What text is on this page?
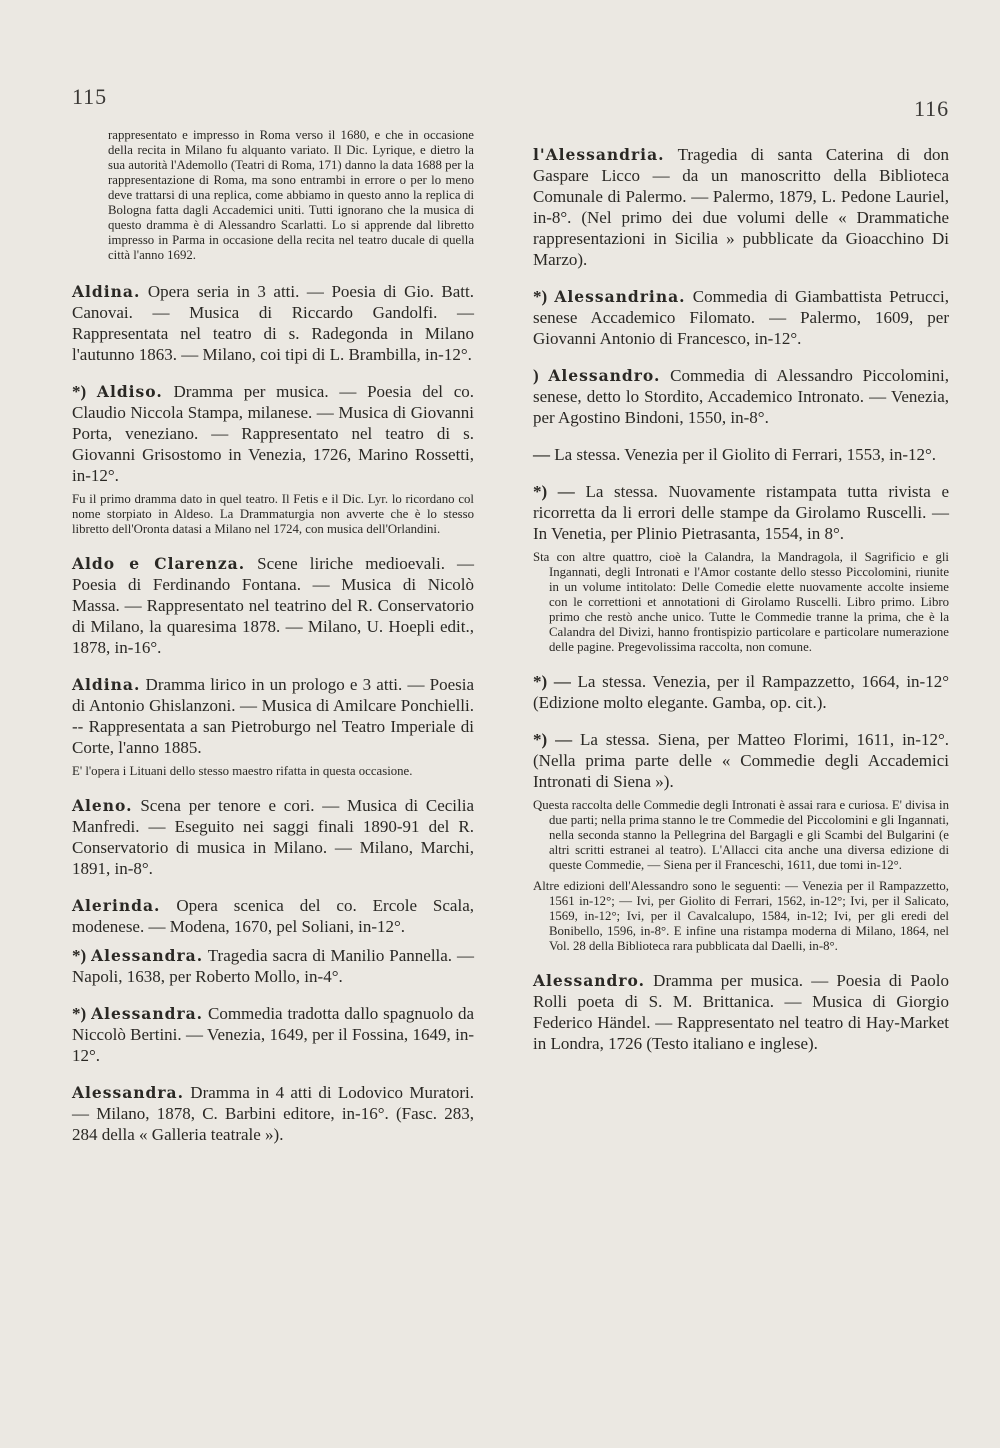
115	116
rappresentato e impresso in Roma verso il 1680, e che in occasione della recita in Milano fu alquanto variato. Il Dic. Lyrique, e dietro la sua autorità l'Ademollo (Teatri di Roma, 171) danno la data 1688 per la rappresentazione di Roma, ma sono entrambi in errore o per lo meno deve trattarsi di una replica, come abbiamo in questo anno la replica di Bologna fatta dagli Accademici uniti. Tutti ignorano che la musica di questo dramma è di Alessandro Scarlatti. Lo si apprende dal libretto impresso in Parma in occasione della recita nel teatro ducale di quella città l'anno 1692.
Aldina. Opera seria in 3 atti. — Poesia di Gio. Batt. Canovai. — Musica di Riccardo Gandolfi. — Rappresentata nel teatro di s. Radegonda in Milano l'autunno 1863. — Milano, coi tipi di L. Brambilla, in-12°.
*) Aldiso. Dramma per musica. — Poesia del co. Claudio Niccola Stampa, milanese. — Musica di Giovanni Porta, veneziano. — Rappresentato nel teatro di s. Giovanni Grisostomo in Venezia, 1726, Marino Rossetti, in-12°.
Fu il primo dramma dato in quel teatro. Il Fetis e il Dic. Lyr. lo ricordano col nome storpiato in Aldeso. La Drammaturgia non avverte che è lo stesso libretto dell'Oronta datasi a Milano nel 1724, con musica dell'Orlandini.
Aldo e Clarenza. Scene liriche medioevali. — Poesia di Ferdinando Fontana. — Musica di Nicolò Massa. — Rappresentato nel teatrino del R. Conservatorio di Milano, la quaresima 1878. — Milano, U. Hoepli edit., 1878, in-16°.
Aldina. Dramma lirico in un prologo e 3 atti. — Poesia di Antonio Ghislanzoni. — Musica di Amilcare Ponchielli. -- Rappresentata a san Pietroburgo nel Teatro Imperiale di Corte, l'anno 1885.
E' l'opera i Lituani dello stesso maestro rifatta in questa occasione.
Aleno. Scena per tenore e cori. — Musica di Cecilia Manfredi. — Eseguito nei saggi finali 1890-91 del R. Conservatorio di musica in Milano. — Milano, Marchi, 1891, in-8°.
Alerinda. Opera scenica del co. Ercole Scala, modenese. — Modena, 1670, pel Soliani, in-12°.
*) Alessandra. Tragedia sacra di Manilio Pannella. — Napoli, 1638, per Roberto Mollo, in-4°.
*) Alessandra. Commedia tradotta dallo spagnuolo da Niccolò Bertini. — Venezia, 1649, per il Fossina, 1649, in-12°.
Alessandra. Dramma in 4 atti di Lodovico Muratori. — Milano, 1878, C. Barbini editore, in-16°. (Fasc. 283, 284 della « Galleria teatrale »).
l'Alessandria. Tragedia di santa Caterina di don Gaspare Licco — da un manoscritto della Biblioteca Comunale di Palermo. — Palermo, 1879, L. Pedone Lauriel, in-8°. (Nel primo dei due volumi delle « Drammatiche rappresentazioni in Sicilia » pubblicate da Gioacchino Di Marzo).
*) Alessandrina. Commedia di Giambattista Petrucci, senese Accademico Filomato. — Palermo, 1609, per Giovanni Antonio di Francesco, in-12°.
) Alessandro. Commedia di Alessandro Piccolomini, senese, detto lo Stordito, Accademico Intronato. — Venezia, per Agostino Bindoni, 1550, in-8°.
— La stessa. Venezia per il Giolito di Ferrari, 1553, in-12°.
*) — La stessa. Nuovamente ristampata tutta rivista e ricorretta da li errori delle stampe da Girolamo Ruscelli. — In Venetia, per Plinio Pietrasanta, 1554, in 8°.
Sta con altre quattro, cioè la Calandra, la Mandragola, il Sagrificio e gli Ingannati, degli Intronati e l'Amor costante dello stesso Piccolomini, riunite in un volume intitolato: Delle Comedie elette nuovamente accolte insieme con le correttioni et annotationi di Girolamo Ruscelli. Libro primo. Libro primo che restò anche unico. Tutte le Commedie tranne la prima, che è la Calandra del Divizi, hanno frontispizio particolare e particolare numerazione delle pagine. Pregevolissima raccolta, non comune.
*) — La stessa. Venezia, per il Rampazzetto, 1664, in-12° (Edizione molto elegante. Gamba, op. cit.).
*) — La stessa. Siena, per Matteo Florimi, 1611, in-12°. (Nella prima parte delle « Commedie degli Accademici Intronati di Siena »).
Questa raccolta delle Commedie degli Intronati è assai rara e curiosa. E' divisa in due parti; nella prima stanno le tre Commedie del Piccolomini e gli Ingannati, nella seconda stanno la Pellegrina del Bargagli e gli Scambi del Bulgarini (e altri scritti estranei al teatro). L'Allacci cita anche una diversa edizione di queste Commedie, — Siena per il Franceschi, 1611, due tomi in-12°.
Altre edizioni dell'Alessandro sono le seguenti: — Venezia per il Rampazzetto, 1561 in-12°; — Ivi, per Giolito di Ferrari, 1562, in-12°; Ivi, per il Salicato, 1569, in-12°; Ivi, per il Cavalcalupo, 1584, in-12; Ivi, per gli eredi del Bonibello, 1596, in-8°. E infine una ristampa moderna di Milano, 1864, nel Vol. 28 della Biblioteca rara pubblicata dal Daelli, in-8°.
Alessandro. Dramma per musica. — Poesia di Paolo Rolli poeta di S. M. Brittanica. — Musica di Giorgio Federico Händel. — Rappresentato nel teatro di Hay-Market in Londra, 1726 (Testo italiano e inglese).
